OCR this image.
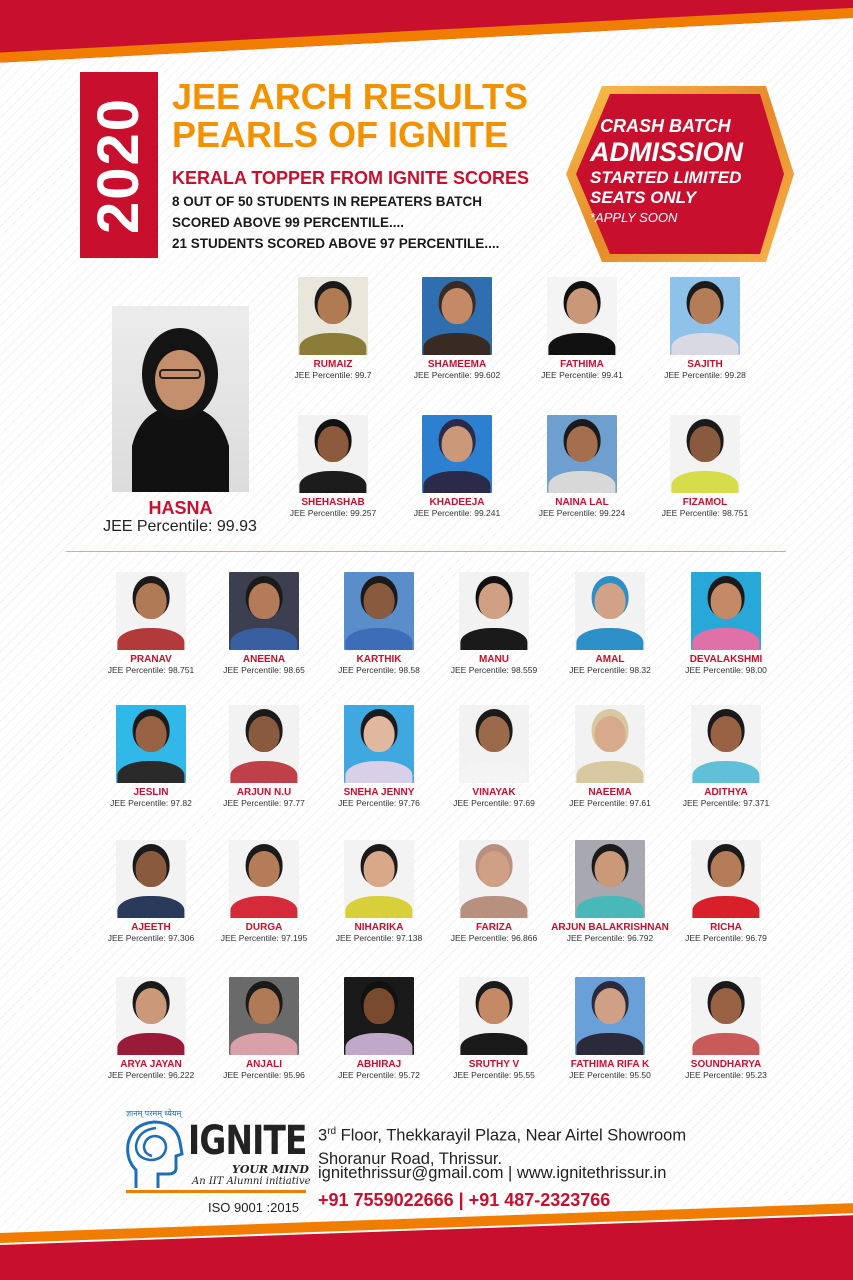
2020 JEE ARCH RESULTS
PEARLS OF IGNITE
KERALA TOPPER FROM IGNITE SCORES
8 OUT OF 50 STUDENTS IN REPEATERS BATCH
SCORED ABOVE 99 PERCENTILE....
21 STUDENTS SCORED ABOVE 97 PERCENTILE....
CRASH BATCH
ADMISSION
STARTED LIMITED
SEATS ONLY
*APPLY SOON
HASNA
JEE Percentile: 99.93
RUMAIZ
JEE Percentile: 99.7
SHAMEEMA
JEE Percentile: 99.602
FATHIMA
JEE Percentile: 99.41
SAJITH
JEE Percentile: 99.28
SHEHASHAB
JEE Percentile: 99.257
KHADEEJA
JEE Percentile: 99.241
NAINA LAL
JEE Percentile: 99.224
FIZAMOL
JEE Percentile: 98.751
PRANAV
JEE Percentile: 98.751
ANEENA
JEE Percentile: 98.65
KARTHIK
JEE Percentile: 98.58
MANU
JEE Percentile: 98.559
AMAL
JEE Percentile: 98.32
DEVALAKSHMI
JEE Percentile: 98.00
JESLIN
JEE Percentile: 97.82
ARJUN N.U
JEE Percentile: 97.77
SNEHA JENNY
JEE Percentile: 97.76
VINAYAK
JEE Percentile: 97.69
NAEEMA
JEE Percentile: 97.61
ADITHYA
JEE Percentile: 97.371
AJEETH
JEE Percentile: 97.306
DURGA
JEE Percentile: 97.195
NIHARIKA
JEE Percentile: 97.138
FARIZA
JEE Percentile: 96.866
ARJUN BALAKRISHNAN
JEE Percentile: 96.792
RICHA
JEE Percentile: 96.79
ARYA JAYAN
JEE Percentile: 96.222
ANJALI
JEE Percentile: 95.96
ABHIRAJ
JEE Percentile: 95.72
SRUTHY V
JEE Percentile: 95.55
FATHIMA RIFA K
JEE Percentile: 95.50
SOUNDHARYA
JEE Percentile: 95.23
ज्ञानम् परमम् ध्येयम्
IGNITE
YOUR MIND
An IIT Alumni initiative
ISO 9001 :2015
3rd Floor, Thekkarayil Plaza, Near Airtel Showroom
Shoranur Road, Thrissur.
ignitethrissur@gmail.com | www.ignitethrissur.in
+91 7559022666 | +91 487-2323766
